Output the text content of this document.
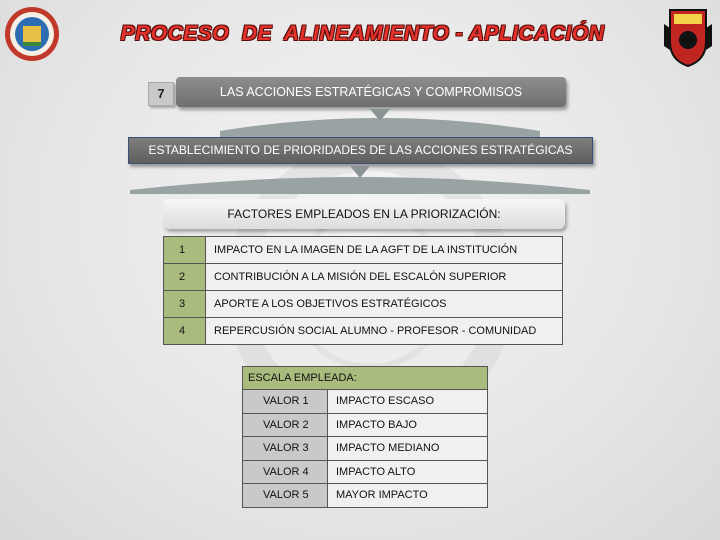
PROCESO  DE  ALINEAMIENTO - APLICACIÓN
7	LAS ACCIONES ESTRATÉGICAS Y COMPROMISOS
ESTABLECIMIENTO DE PRIORIDADES DE LAS ACCIONES ESTRATÉGICAS
FACTORES EMPLEADOS EN LA PRIORIZACIÓN:
1	IMPACTO EN LA IMAGEN DE LA AGFT DE LA INSTITUCIÓN
2	CONTRIBUCIÓN A LA MISIÓN DEL ESCALÓN SUPERIOR
3	APORTE A LOS OBJETIVOS ESTRATÉGICOS
4	REPERCUSIÓN SOCIAL ALUMNO - PROFESOR - COMUNIDAD
ESCALA EMPLEADA:
VALOR 1	IMPACTO ESCASO
VALOR 2	IMPACTO BAJO
VALOR 3	IMPACTO MEDIANO
VALOR 4	IMPACTO ALTO
VALOR 5	MAYOR IMPACTO
